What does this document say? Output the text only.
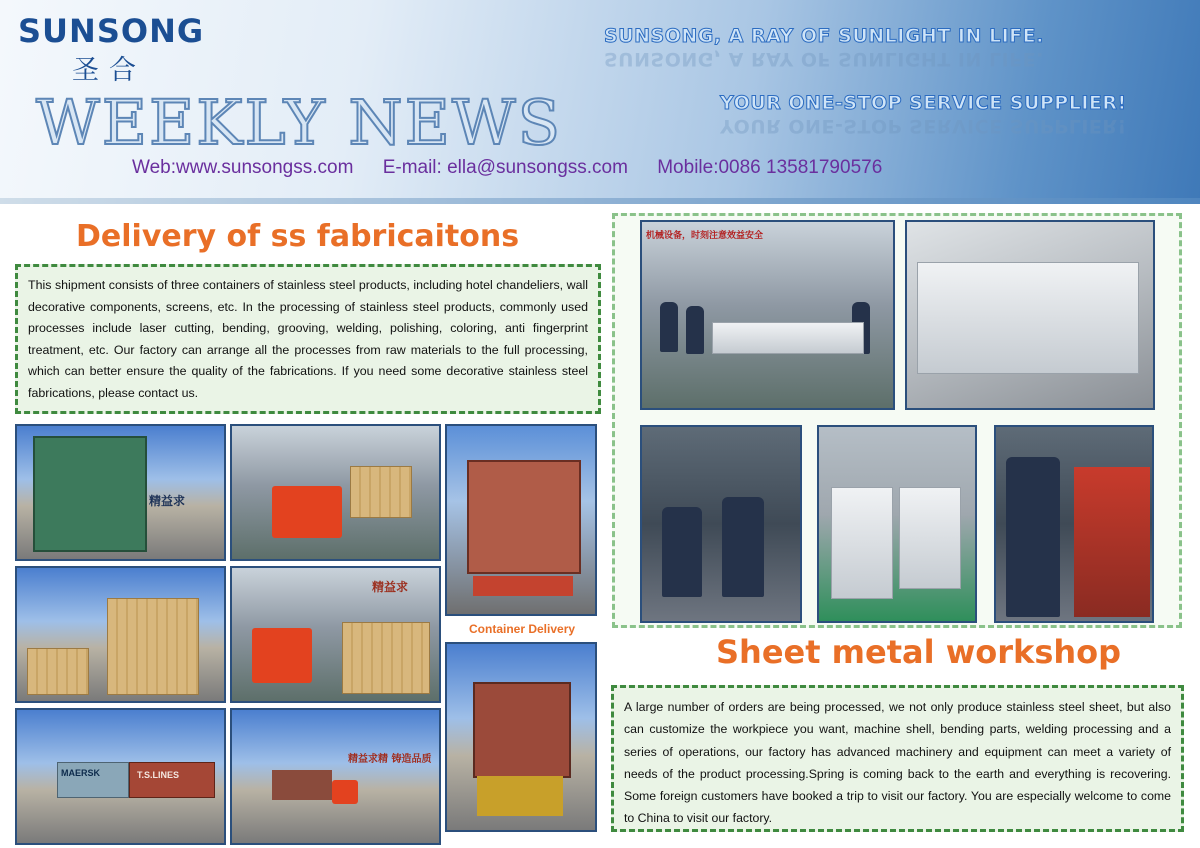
SUNSONG
圣合
SUNSONG, A RAY OF SUNLIGHT IN LIFE.
SUNSONG, A RAY OF SUNLIGHT IN LIFE.
YOUR ONE-STOP SERVICE SUPPLIER!
YOUR ONE-STOP SERVICE SUPPLIER!
WEEKLY NEWS
Web:www.sunsongss.com E-mail: ella@sunsongss.com Mobile:0086 13581790576
Delivery of ss fabricaitons
This shipment consists of three containers of stainless steel products, including hotel chandeliers, wall decorative components, screens, etc. In the processing of stainless steel products, commonly used processes include laser cutting, bending, grooving, welding, polishing, coloring, anti fingerprint treatment, etc. Our factory can arrange all the processes from raw materials to the full processing, which can better ensure the quality of the fabrications. If you need some decorative stainless steel fabrications, please contact us.
精益求
精益求
Container Delivery
MAERSK	T.S.LINES
精益求精 铸造品质
机械设备，时刻注意效益安全
Sheet metal workshop
A large number of orders are being processed, we not only produce stainless steel sheet, but also can customize the workpiece you want, machine shell, bending parts, welding processing and a series of operations, our factory has advanced machinery and equipment can meet a variety of needs of the product processing.Spring is coming back to the earth and everything is recovering. Some foreign customers have booked a trip to visit our factory. You are especially welcome to come to China to visit our factory.
